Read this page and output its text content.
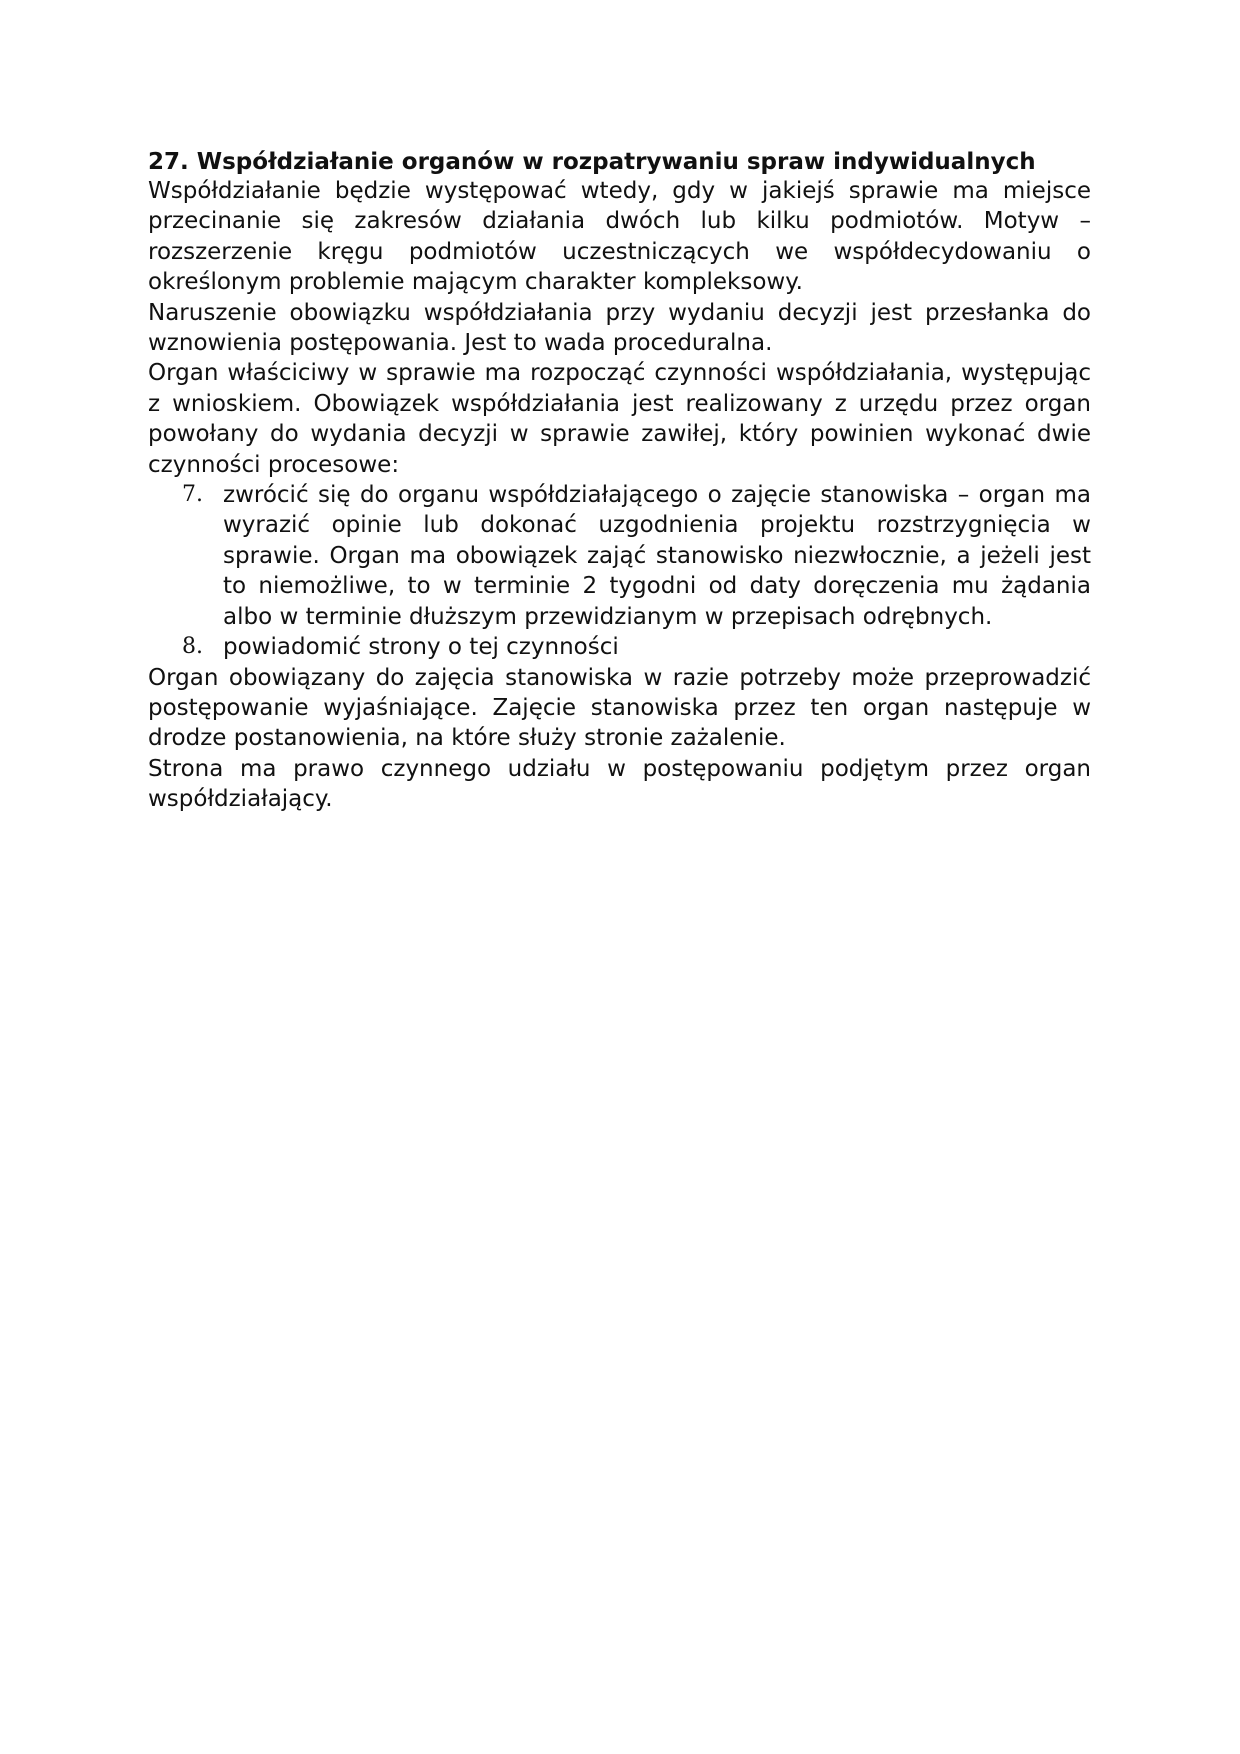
27. Współdziałanie organów w rozpatrywaniu spraw indywidualnych

Współdziałanie będzie występować wtedy, gdy w jakiejś sprawie ma miejsce przecinanie się zakresów działania dwóch lub kilku podmiotów. Motyw – rozszerzenie kręgu podmiotów uczestniczących we współdecydowaniu o określonym problemie mającym charakter kompleksowy.

Naruszenie obowiązku współdziałania przy wydaniu decyzji jest przesłanka do wznowienia postępowania. Jest to wada proceduralna.

Organ właściciwy w sprawie ma rozpocząć czynności współdziałania, występując z wnioskiem. Obowiązek współdziałania jest realizowany z urzędu przez organ powołany do wydania decyzji w sprawie zawiłej, który powinien wykonać dwie czynności procesowe:

7. zwrócić się do organu współdziałającego o zajęcie stanowiska – organ ma wyrazić opinie lub dokonać uzgodnienia projektu rozstrzygnięcia w sprawie. Organ ma obowiązek zająć stanowisko niezwłocznie, a jeżeli jest to niemożliwe, to w terminie 2 tygodni od daty doręczenia mu żądania albo w terminie dłuższym przewidzianym w przepisach odrębnych.
8. powiadomić strony o tej czynności

Organ obowiązany do zajęcia stanowiska w razie potrzeby może przeprowadzić postępowanie wyjaśniające. Zajęcie stanowiska przez ten organ następuje w drodze postanowienia, na które służy stronie zażalenie.

Strona ma prawo czynnego udziału w postępowaniu podjętym przez organ współdziałający.
